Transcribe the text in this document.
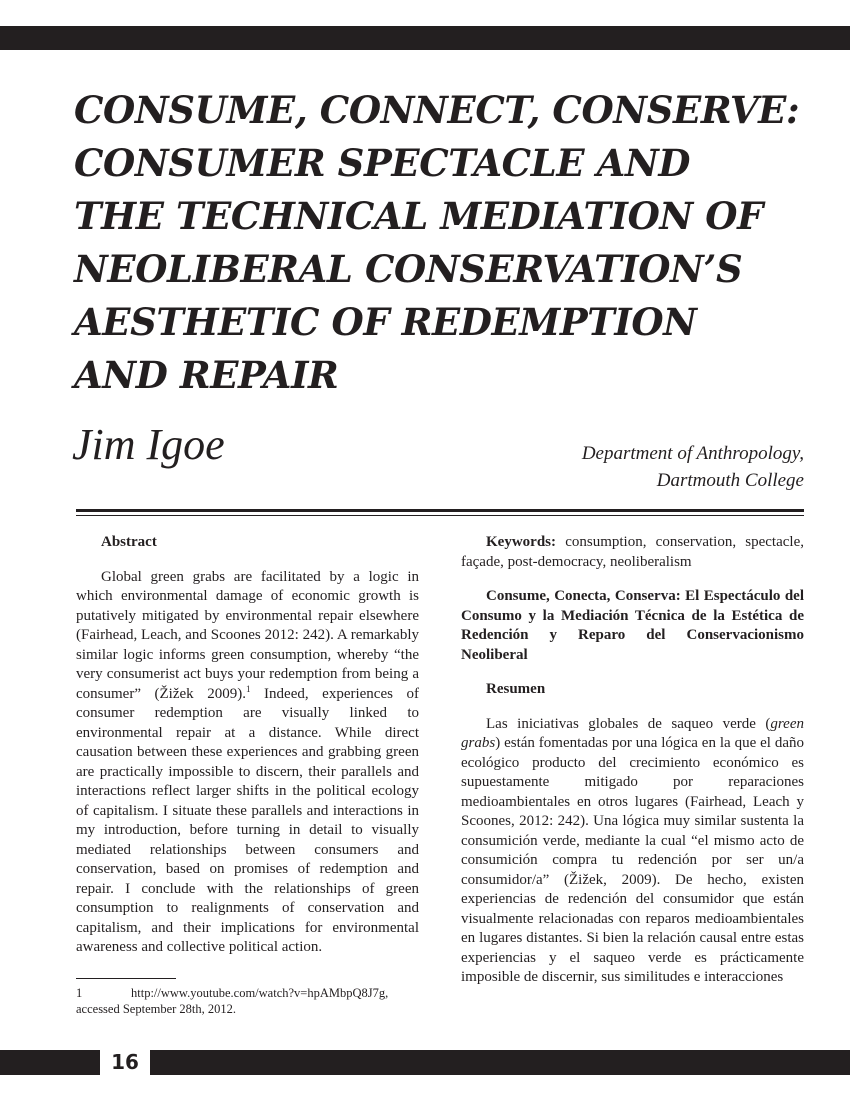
CONSUME, CONNECT, CONSERVE:
CONSUMER SPECTACLE AND
THE TECHNICAL MEDIATION OF
NEOLIBERAL CONSERVATION’S
AESTHETIC OF REDEMPTION
AND REPAIR
Jim Igoe	Department of Anthropology,
Dartmouth College

Abstract

Global green grabs are facilitated by a logic in which environmental damage of economic growth is putatively mitigated by environmental repair elsewhere (Fairhead, Leach, and Scoones 2012: 242). A remarkably similar logic informs green consumption, whereby “the very consumerist act buys your redemption from being a consumer” (Žižek 2009).$^1$ Indeed, experiences of consumer redemption are visually linked to environmental repair at a distance. While direct causation between these experiences and grabbing green are practically impossible to discern, their parallels and interactions reflect larger shifts in the political ecology of capitalism. I situate these parallels and interactions in my introduction, before turning in detail to visually mediated relationships between consumers and conservation, based on promises of redemption and repair. I conclude with the relationships of green consumption to realignments of conservation and capitalism, and their implications for environmental awareness and collective political action.

1	http://www.youtube.com/watch?v=hpAMbpQ8J7g, accessed September 28th, 2012.

Keywords: consumption, conservation, spectacle, façade, post-democracy, neoliberalism

Consume, Conecta, Conserva: El Espectáculo del Consumo y la Mediación Técnica de la Estética de Redención y Reparo del Conservacionismo Neoliberal

Resumen

Las iniciativas globales de saqueo verde (green grabs) están fomentadas por una lógica en la que el daño ecológico producto del crecimiento económico es supuestamente mitigado por reparaciones medioambientales en otros lugares (Fairhead, Leach y Scoones, 2012: 242). Una lógica muy similar sustenta la consumición verde, mediante la cual “el mismo acto de consumición compra tu redención por ser un/a consumidor/a” (Žižek, 2009). De hecho, existen experiencias de redención del consumidor que están visualmente relacionadas con reparos medioambientales en lugares distantes. Si bien la relación causal entre estas experiencias y el saqueo verde es prácticamente imposible de discernir, sus similitudes e interacciones

16
